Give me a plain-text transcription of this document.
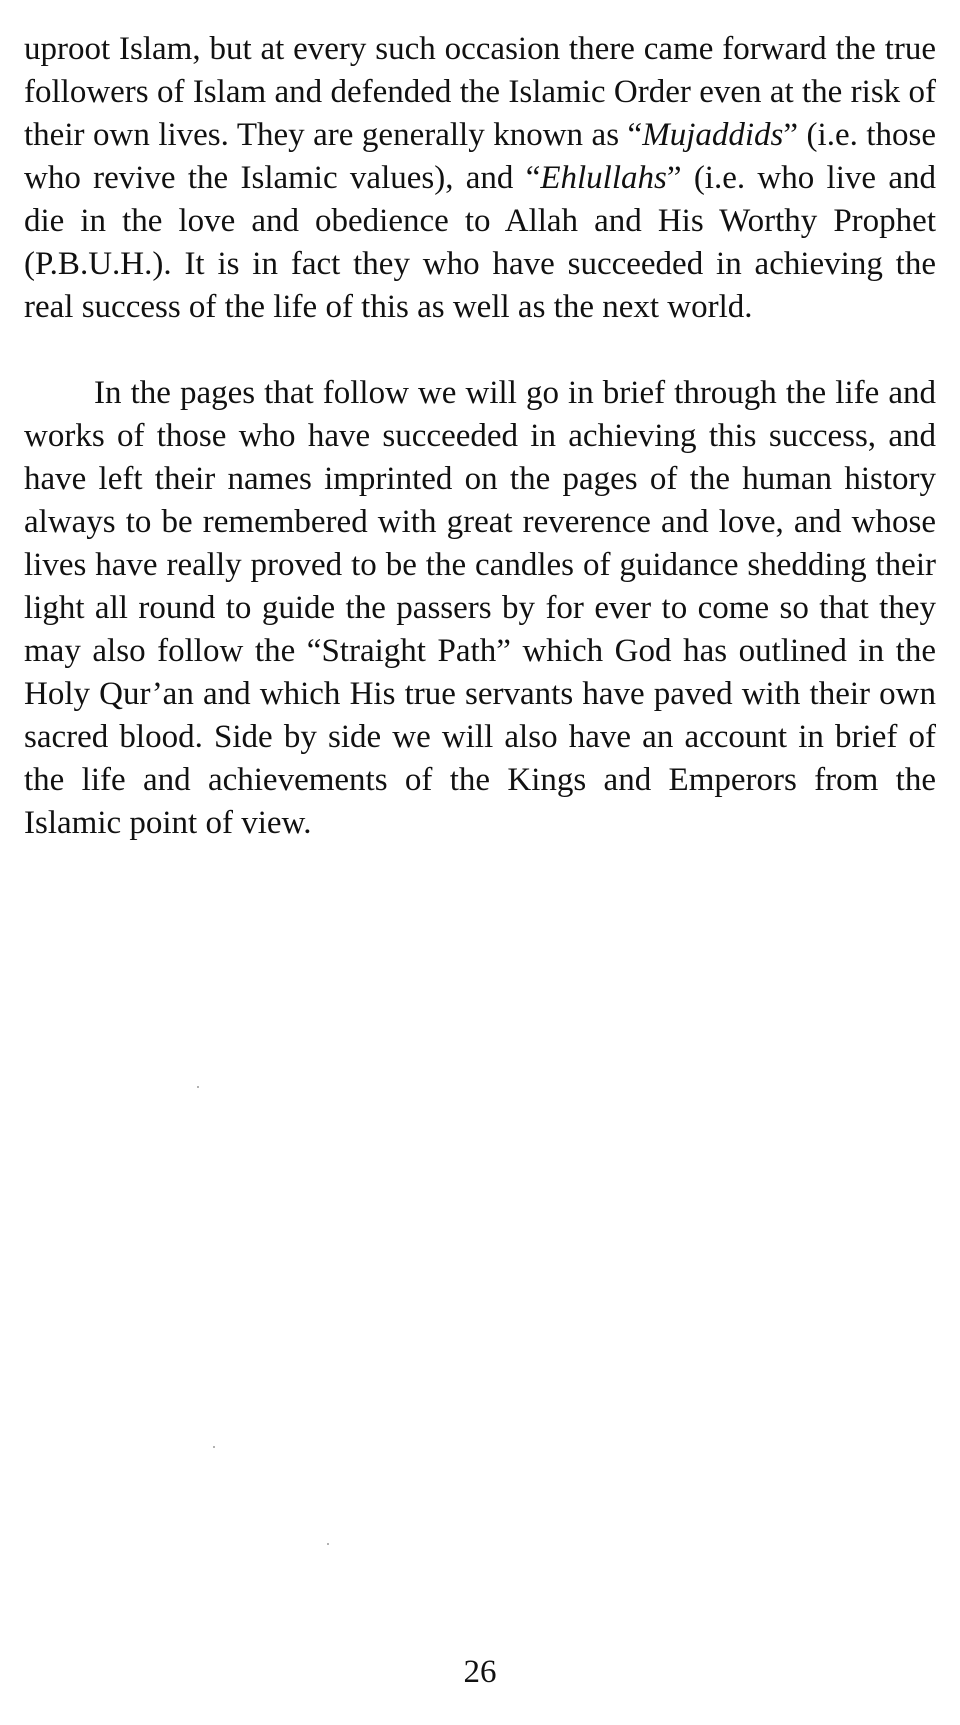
uproot Islam, but at every such occasion there came forward the true followers of Islam and defended the Islamic Order even at the risk of their own lives. They are generally known as “Mujaddids” (i.e. those who revive the Islamic values), and “Ehlullahs” (i.e. who live and die in the love and obedience to Allah and His Worthy Prophet (P.B.U.H.). It is in fact they who have succeeded in achieving the real success of the life of this as well as the next world.

In the pages that follow we will go in brief through the life and works of those who have succeeded in achieving this success, and have left their names imprinted on the pages of the human history always to be remembered with great reverence and love, and whose lives have really proved to be the candles of guidance shedding their light all round to guide the passers by for ever to come so that they may also follow the “Straight Path” which God has outlined in the Holy Qur’an and which His true servants have paved with their own sacred blood. Side by side we will also have an account in brief of the life and achievements of the Kings and Emperors from the Islamic point of view.

26
